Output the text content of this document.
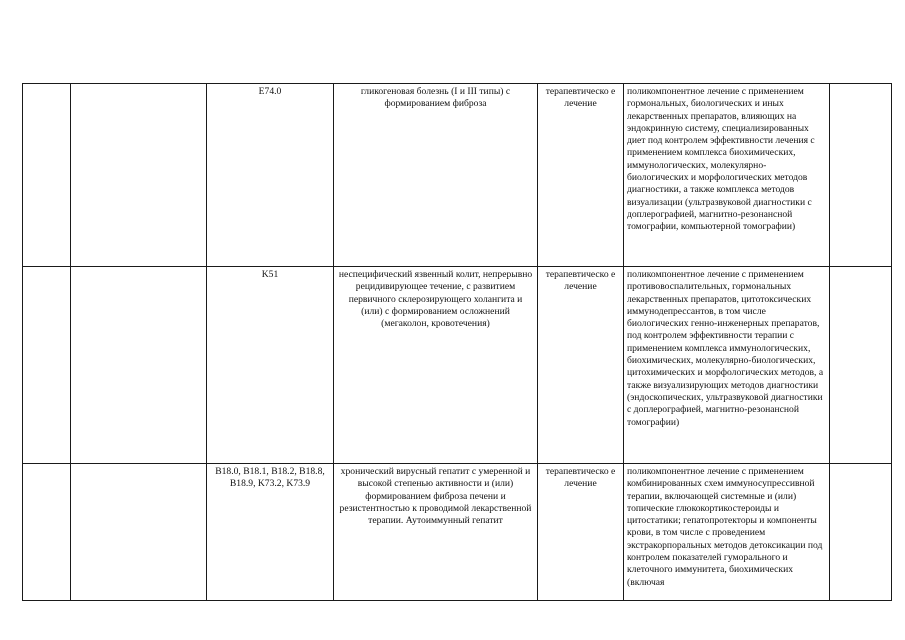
		E74.0	гликогеновая болезнь (I и III типы) с формированием фиброза	терапевтическо е лечение	поликомпонентное лечение с применением гормональных, биологических и иных лекарственных препаратов, влияющих на эндокринную систему, специализированных диет под контролем эффективности лечения с применением комплекса биохимических, иммунологических, молекулярно-биологических и морфологических методов диагностики, а также комплекса методов визуализации (ультразвуковой диагностики с доплерографией, магнитно-резонансной томографии, компьютерной томографии)	

		K51	неспецифический язвенный колит, непрерывно рецидивирующее течение, с развитием первичного склерозирующего холангита и (или) с формированием осложнений (мегаколон, кровотечения)	терапевтическо е лечение	поликомпонентное лечение с применением противовоспалительных, гормональных лекарственных препаратов, цитотоксических иммунодепрессантов, в том числе биологических генно-инженерных препаратов, под контролем эффективности терапии с применением комплекса иммунологических, биохимических, молекулярно-биологических, цитохимических и морфологических методов, а также визуализирующих методов диагностики (эндоскопических, ультразвуковой диагностики с доплерографией, магнитно-резонансной томографии)	

		B18.0, B18.1, B18.2, B18.8, B18.9, K73.2, K73.9	хронический вирусный гепатит с умеренной и высокой степенью активности и (или) формированием фиброза печени и резистентностью к проводимой лекарственной терапии. Аутоиммунный гепатит	терапевтическо е лечение	поликомпонентное лечение с применением комбинированных схем иммуносупрессивной терапии, включающей системные и (или) топические глюкокортикостероиды и цитостатики; гепатопротекторы и компоненты крови, в том числе с проведением экстракорпоральных методов детоксикации под контролем показателей гуморального и клеточного иммунитета, биохимических (включая	
